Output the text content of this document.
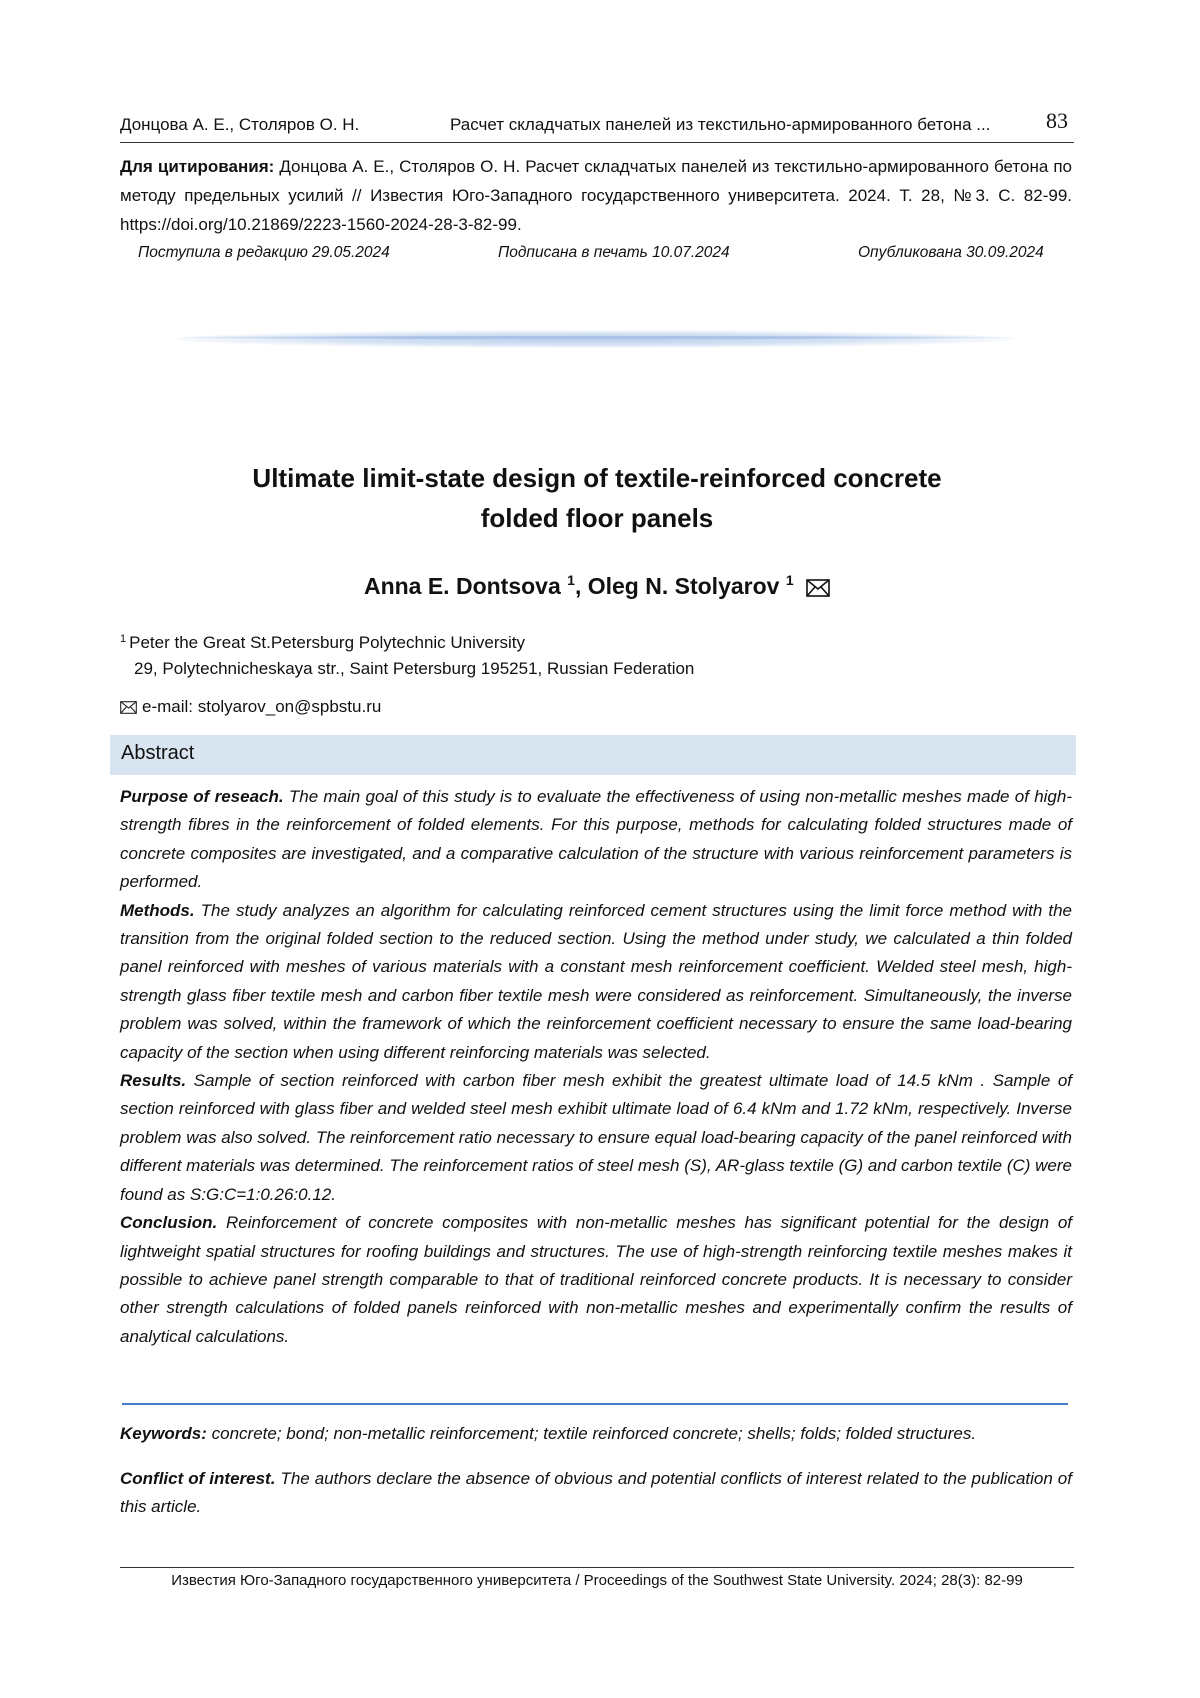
Донцова А. Е., Столяров О. Н.	Расчет складчатых панелей из текстильно-армированного бетона ...	83
Для цитирования: Донцова А. Е., Столяров О. Н. Расчет складчатых панелей из текстильно-армированного бетона по методу предельных усилий // Известия Юго-Западного государственного университета. 2024. Т. 28, №3. С. 82-99. https://doi.org/10.21869/2223-1560-2024-28-3-82-99.
Поступила в редакцию 29.05.2024	Подписана в печать 10.07.2024	Опубликована 30.09.2024
Ultimate limit-state design of textile-reinforced concrete
folded floor panels
Anna E. Dontsova $^1$, Oleg N. Stolyarov $^1$
$^1$ Peter the Great St.Petersburg Polytechnic University
29, Polytechnicheskaya str., Saint Petersburg 195251, Russian Federation
e-mail: stolyarov_on@spbstu.ru
Abstract

Purpose of reseach. The main goal of this study is to evaluate the effectiveness of using non-metallic meshes made of high-strength fibres in the reinforcement of folded elements. For this purpose, methods for calculating folded structures made of concrete composites are investigated, and a comparative calculation of the structure with various reinforcement parameters is performed.

Methods. The study analyzes an algorithm for calculating reinforced cement structures using the limit force method with the transition from the original folded section to the reduced section. Using the method under study, we calculated a thin folded panel reinforced with meshes of various materials with a constant mesh reinforcement coefficient. Welded steel mesh, high-strength glass fiber textile mesh and carbon fiber textile mesh were considered as reinforcement. Simultaneously, the inverse problem was solved, within the framework of which the reinforcement coefficient necessary to ensure the same load-bearing capacity of the section when using different reinforcing materials was selected.

Results. Sample of section reinforced with carbon fiber mesh exhibit the greatest ultimate load of 14.5 kNm . Sample of section reinforced with glass fiber and welded steel mesh exhibit ultimate load of 6.4 kNm and 1.72 kNm, respectively. Inverse problem was also solved. The reinforcement ratio necessary to ensure equal load-bearing capacity of the panel reinforced with different materials was determined. The reinforcement ratios of steel mesh (S), AR-glass textile (G) and carbon textile (C) were found as S:G:C=1:0.26:0.12.

Conclusion. Reinforcement of concrete composites with non-metallic meshes has significant potential for the design of lightweight spatial structures for roofing buildings and structures. The use of high-strength reinforcing textile meshes makes it possible to achieve panel strength comparable to that of traditional reinforced concrete products. It is necessary to consider other strength calculations of folded panels reinforced with non-metallic meshes and experimentally confirm the results of analytical calculations.

Keywords: concrete; bond; non-metallic reinforcement; textile reinforced concrete; shells; folds; folded structures.
Conflict of interest. The authors declare the absence of obvious and potential conflicts of interest related to the publication of this article.
Известия Юго-Западного государственного университета / Proceedings of the Southwest State University. 2024; 28(3): 82-99
